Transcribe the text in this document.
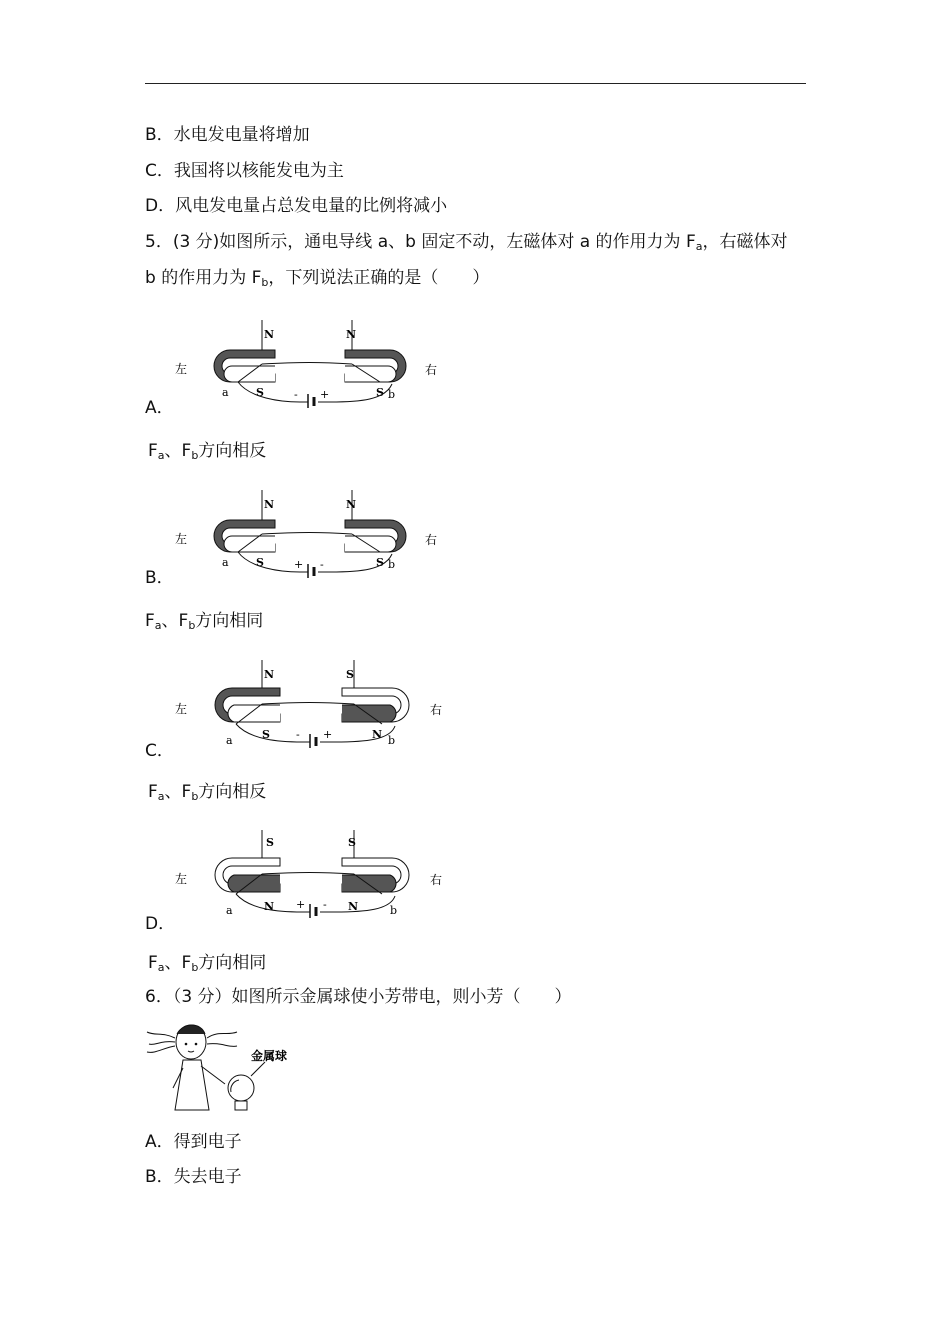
B．水电发电量将增加
C．我国将以核能发电为主
D．风电发电量占总发电量的比例将减小
5．(3 分)如图所示，通电导线 a、b 固定不动，左磁体对 a 的作用力为 $F_a$，右磁体对
b 的作用力为 $F_b$，下列说法正确的是（　　）
左
N	N
S	S
- +
a	b
右
A．
$F_a$、$F_b$方向相反
左
N	N
S	S
+ -
a	b
右
B．
$F_a$、$F_b$方向相同
左
N	S
S	N
- +
a	b
右
C．
$F_a$、$F_b$方向相反
左
S	S
N	N
+ -
a	b
右
D．
$F_a$、$F_b$方向相同
6．（3 分）如图所示金属球使小芳带电，则小芳（　　）
金属球
A．得到电子
B．失去电子
